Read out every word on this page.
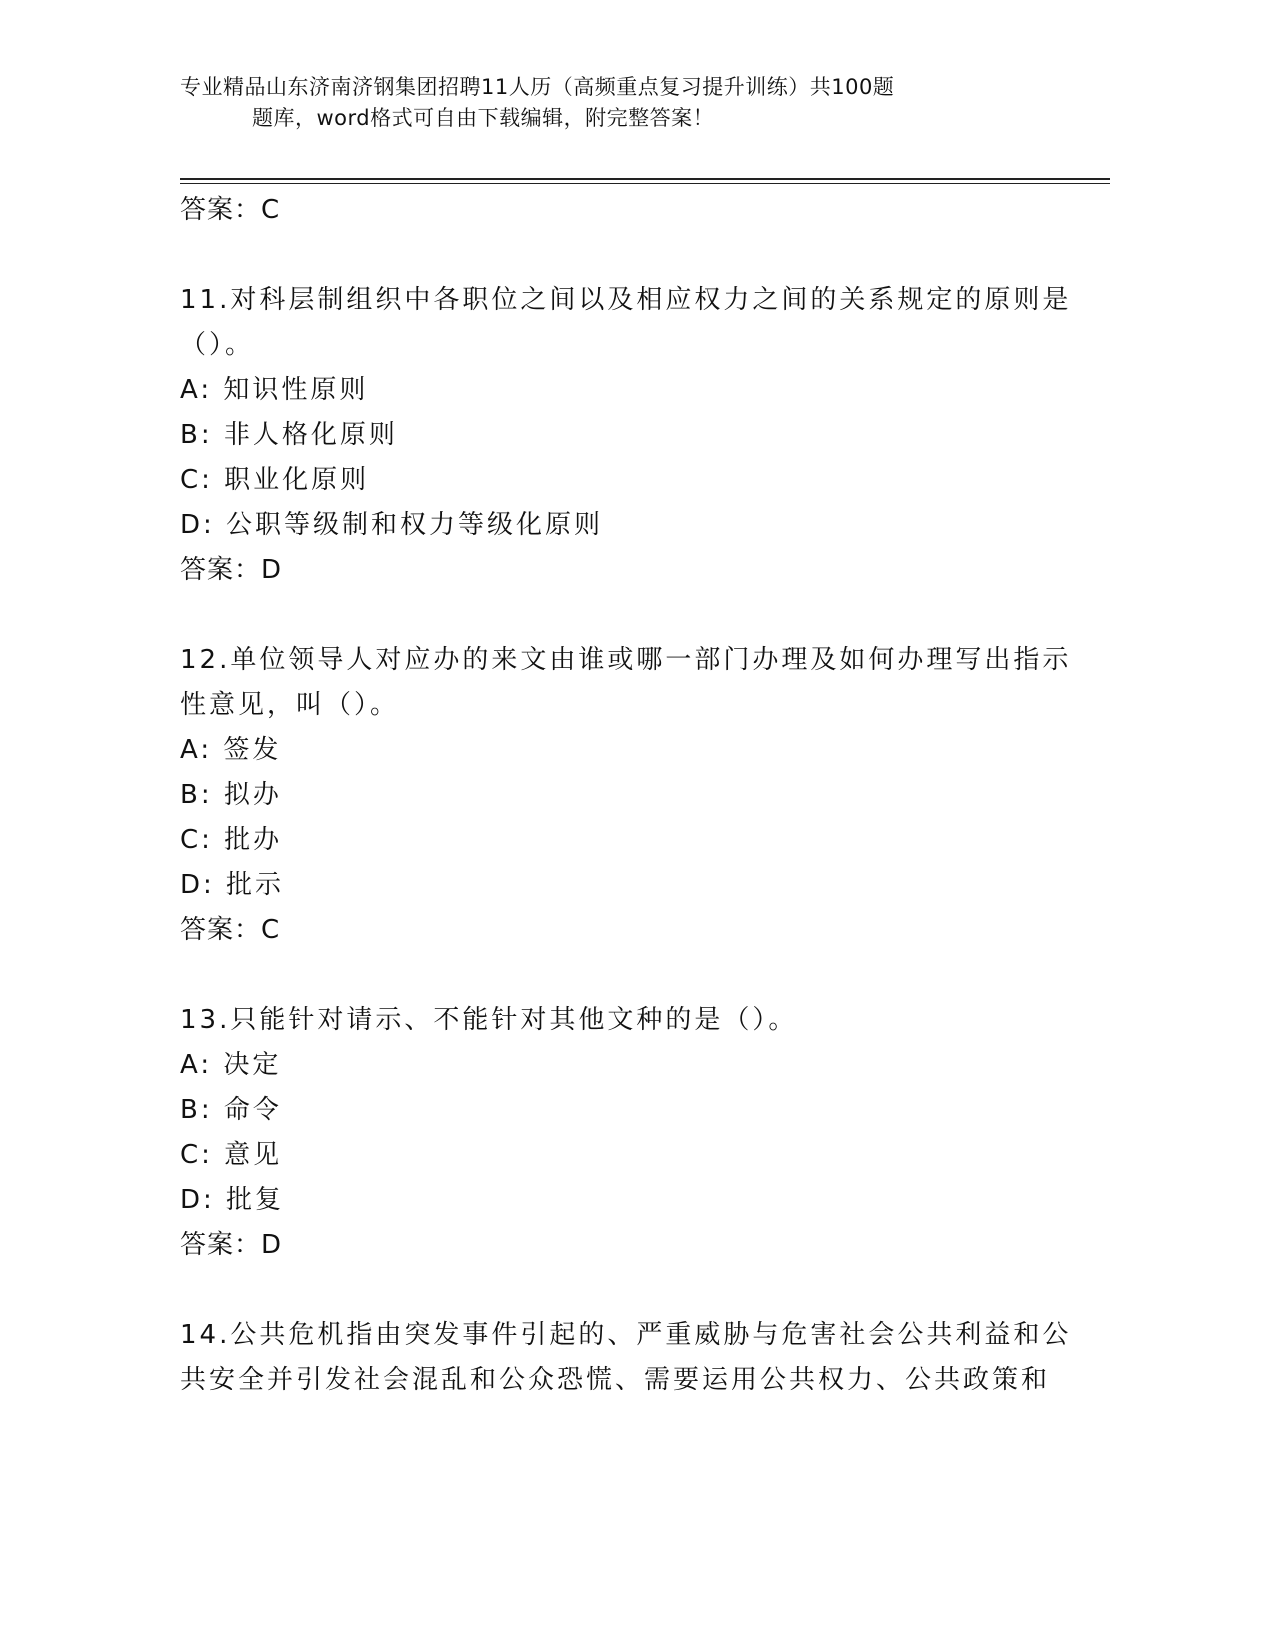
专业精品山东济南济钢集团招聘11人历（高频重点复习提升训练）共100题
题库，word格式可自由下载编辑，附完整答案！
答案：C
11.对科层制组织中各职位之间以及相应权力之间的关系规定的原则是
（）。
A: 知识性原则
B: 非人格化原则
C: 职业化原则
D: 公职等级制和权力等级化原则
答案：D
12.单位领导人对应办的来文由谁或哪一部门办理及如何办理写出指示
性意见，叫（）。
A: 签发
B: 拟办
C: 批办
D: 批示
答案：C
13.只能针对请示、不能针对其他文种的是（）。
A: 决定
B: 命令
C: 意见
D: 批复
答案：D
14.公共危机指由突发事件引起的、严重威胁与危害社会公共利益和公
共安全并引发社会混乱和公众恐慌、需要运用公共权力、公共政策和
